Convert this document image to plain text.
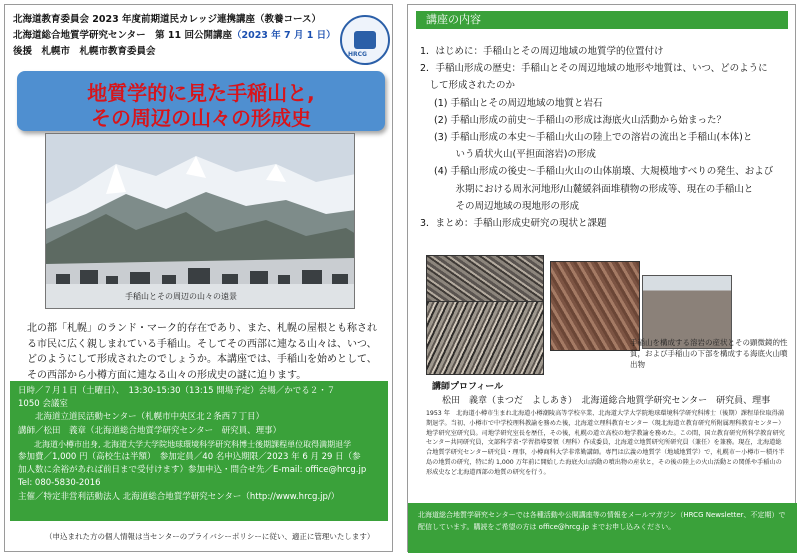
北海道教育委員会 2023 年度前期道民カレッジ連携講座（教養コース）
北海道総合地質学研究センター　第 11 回公開講座（2023 年 7 月 1 日）
後援　札幌市　札幌市教育委員会	HRCG
地質学的に見た手稲山と,
その周辺の山々の形成史
手稲山とその周辺の山々の遠景
北の都「札幌」のランド・マーク的存在であり、また、札幌の屋根とも称される市民に広く親しまれている手稲山。そしてその西部に連なる山々は、いつ、どのようにして形成されたのでしょうか。本講座では、手稲山を始めとして、その西部から小樽方面に連なる山々の形成史の謎に迫ります。
日時／７月１日（土曜日）、　13:30-15:30（13:15 開場予定）会場／かでる２・７
1050 会議室
　　北海道立道民活動センター（札幌市中央区北２条西７丁目）
講師／松田　義章（北海道総合地質学研究センター　研究員、理事）
　　北海道小樽市出身, 北海道大学大学院地球環境科学研究科博士後期課程単位取得満期退学
参加費／1,000 円（高校生は半額）　参加定員／40 名申込期限／2023 年 6 月 29 日（参
加人数に余裕があれば前日まで受付けます）参加申込・問合せ先／E-mail: office@hrcg.jp
Tel: 080-5830-2016
主催／特定非営利活動法人 北海道総合地質学研究センター（http://www.hrcg.jp/）
（申込まれた方の個人情報は当センターのプライバシーポリシーに従い、適正に管理いたします）
講座の内容
1．はじめに：手稲山とその周辺地域の地質学的位置付け
2．手稲山形成の歴史：手稲山とその周辺地域の地形や地質は、いつ、どのように
　して形成されたのか
(1) 手稲山とその周辺地域の地質と岩石
(2) 手稲山形成の前史～手稲山の形成は海底火山活動から始まった？
(3) 手稲山形成の本史～手稲山火山の陸上での溶岩の流出と手稲山(本体)と
　いう盾状火山(平担面溶岩)の形成
(4) 手稲山形成の後史～手稲山火山の山体崩壊、大規模地すべりの発生、および
　氷期における周氷河地形/山麓緩斜面堆積物の形成等、現在の手稲山と
　その周辺地域の現地形の形成
3．まとめ：手稲山形成史研究の現状と課題
手稲山を構成する溶岩の産状とその顕微鏡的性質，および手稲山の下部を構成する海底火山噴出物
講師プロフィール
松田　義章（まつだ　よしあき）　北海道総合地質学研究センター　研究員、理事
1953 年　北海道小樽市生まれ北海道小樽潮陵高等学校卒業、北海道大学大学院地球環境科学研究科博士（後期）課程単位取得満期退学。当初、小樽市で中学校理科教諭を務めた後，北海道立理科教育センター（現北海道立教育研究所附属理科教育センター）地学研究室研究員。司地学研究室長を歴任，その後，札幌の道立高校の地学教諭を務めた。この間，国立教育研究所科学教育研究センター共同研究員，文部科学省･学習指導要領（理科）作成委員，北海道立地質研究所研究員（兼任）を兼務。現在，北海道総合地質学研究センター研究員・理事，小樽商科大学非常勤講師。専門は広義の地質学（地域地質学）で，札幌市～小樽市～積丹半島の地質の研究，特に約 1,000 万年前に開始した海底火山活動の噴出物の産状と，その後の陸上の火山活動との関係や手稲山の形成史など北海道西部の地質の研究を行う。
北海道総合地質学研究センターでは各種活動や公開講座等の情報をメールマガジン（HRCG Newsletter、不定期）で配信しています。購読をご希望の方は office@hrcg.jp までお申し込みください。
